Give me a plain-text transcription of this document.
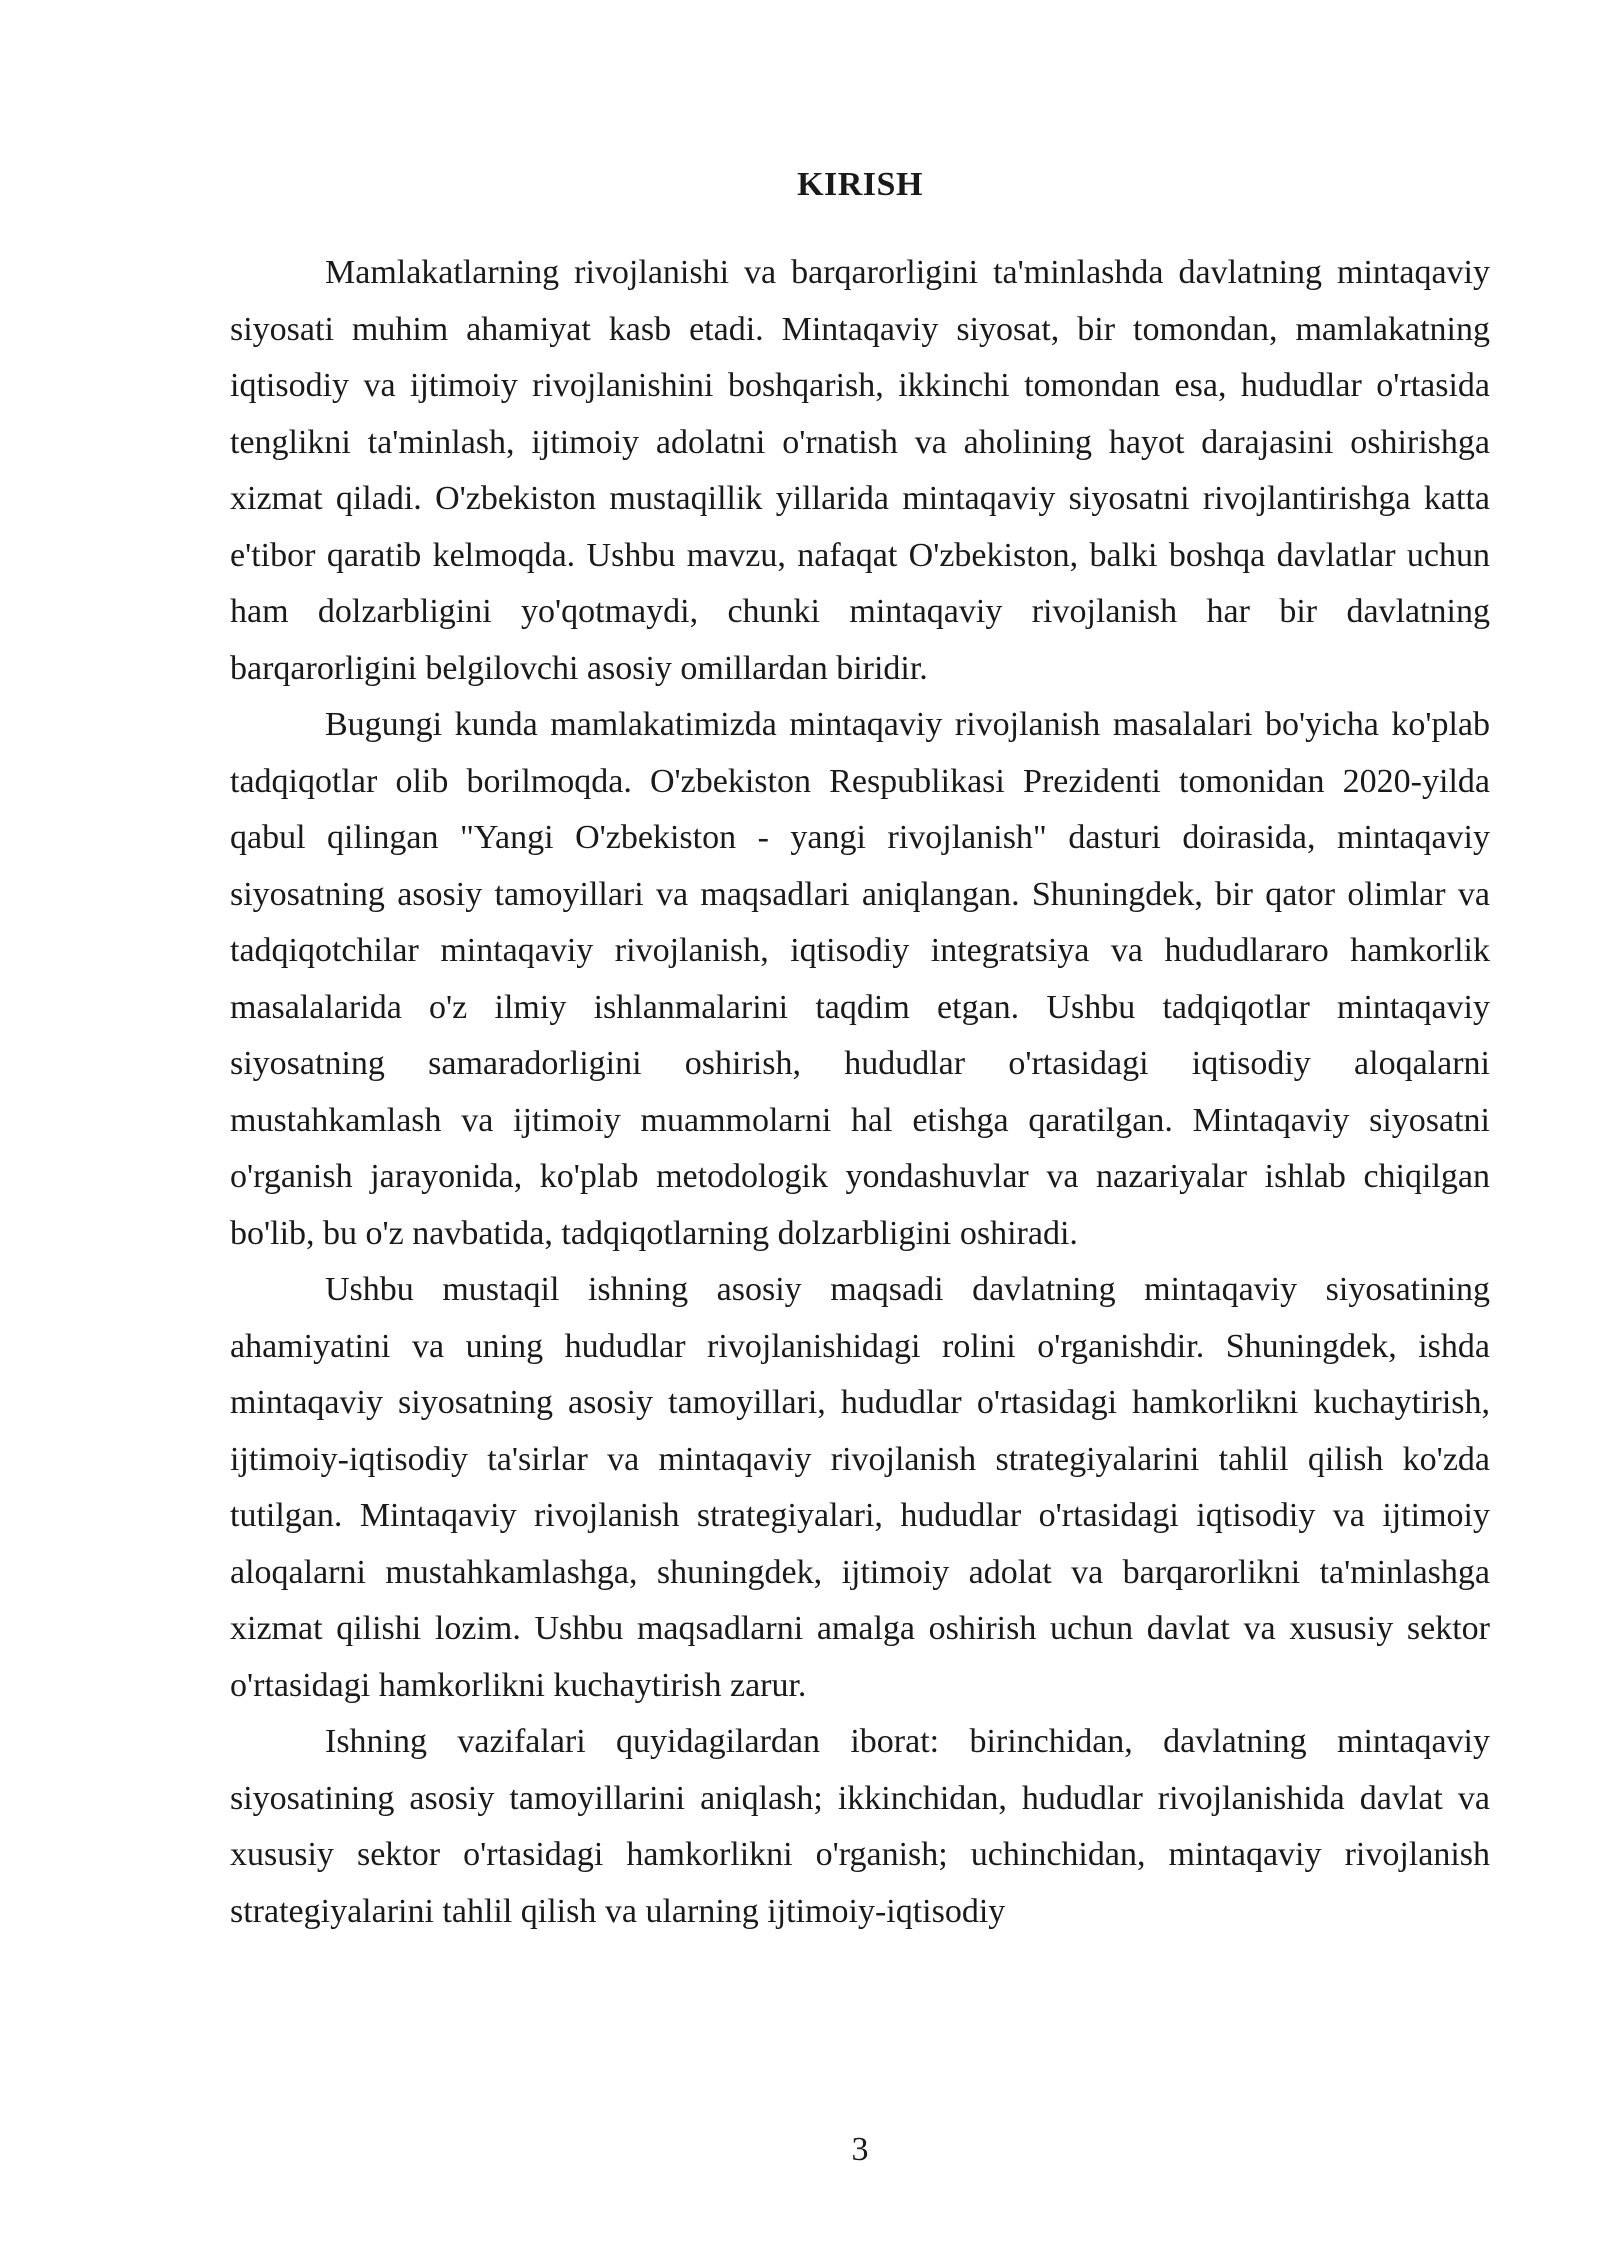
KIRISH

Mamlakatlarning rivojlanishi va barqarorligini ta'minlashda davlatning mintaqaviy siyosati muhim ahamiyat kasb etadi. Mintaqaviy siyosat, bir tomondan, mamlakatning iqtisodiy va ijtimoiy rivojlanishini boshqarish, ikkinchi tomondan esa, hududlar o'rtasida tenglikni ta'minlash, ijtimoiy adolatni o'rnatish va aholining hayot darajasini oshirishga xizmat qiladi. O'zbekiston mustaqillik yillarida mintaqaviy siyosatni rivojlantirishga katta e'tibor qaratib kelmoqda. Ushbu mavzu, nafaqat O'zbekiston, balki boshqa davlatlar uchun ham dolzarbligini yo'qotmaydi, chunki mintaqaviy rivojlanish har bir davlatning barqarorligini belgilovchi asosiy omillardan biridir.

Bugungi kunda mamlakatimizda mintaqaviy rivojlanish masalalari bo'yicha ko'plab tadqiqotlar olib borilmoqda. O'zbekiston Respublikasi Prezidenti tomonidan 2020-yilda qabul qilingan "Yangi O'zbekiston - yangi rivojlanish" dasturi doirasida, mintaqaviy siyosatning asosiy tamoyillari va maqsadlari aniqlangan. Shuningdek, bir qator olimlar va tadqiqotchilar mintaqaviy rivojlanish, iqtisodiy integratsiya va hududlararo hamkorlik masalalarida o'z ilmiy ishlanmalarini taqdim etgan. Ushbu tadqiqotlar mintaqaviy siyosatning samaradorligini oshirish, hududlar o'rtasidagi iqtisodiy aloqalarni mustahkamlash va ijtimoiy muammolarni hal etishga qaratilgan. Mintaqaviy siyosatni o'rganish jarayonida, ko'plab metodologik yondashuvlar va nazariyalar ishlab chiqilgan bo'lib, bu o'z navbatida, tadqiqotlarning dolzarbligini oshiradi.

Ushbu mustaqil ishning asosiy maqsadi davlatning mintaqaviy siyosatining ahamiyatini va uning hududlar rivojlanishidagi rolini o'rganishdir. Shuningdek, ishda mintaqaviy siyosatning asosiy tamoyillari, hududlar o'rtasidagi hamkorlikni kuchaytirish, ijtimoiy-iqtisodiy ta'sirlar va mintaqaviy rivojlanish strategiyalarini tahlil qilish ko'zda tutilgan. Mintaqaviy rivojlanish strategiyalari, hududlar o'rtasidagi iqtisodiy va ijtimoiy aloqalarni mustahkamlashga, shuningdek, ijtimoiy adolat va barqarorlikni ta'minlashga xizmat qilishi lozim. Ushbu maqsadlarni amalga oshirish uchun davlat va xususiy sektor o'rtasidagi hamkorlikni kuchaytirish zarur.

Ishning vazifalari quyidagilardan iborat: birinchidan, davlatning mintaqaviy siyosatining asosiy tamoyillarini aniqlash; ikkinchidan, hududlar rivojlanishida davlat va xususiy sektor o'rtasidagi hamkorlikni o'rganish; uchinchidan, mintaqaviy rivojlanish strategiyalarini tahlil qilish va ularning ijtimoiy-iqtisodiy

3
